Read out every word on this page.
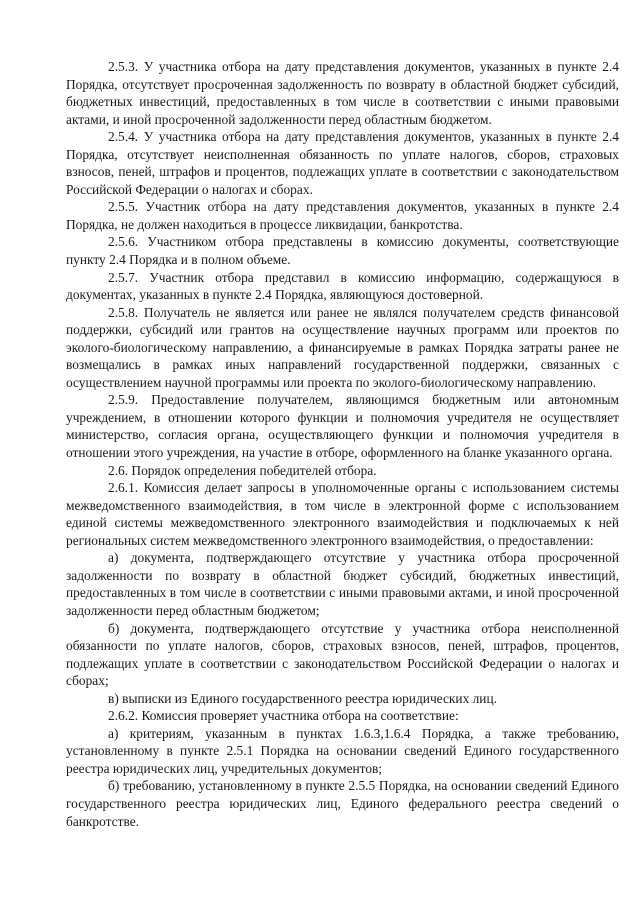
2.5.3. У участника отбора на дату представления документов, указанных в пункте 2.4 Порядка, отсутствует просроченная задолженность по возврату в областной бюджет субсидий, бюджетных инвестиций, предоставленных в том числе в соответствии с иными правовыми актами, и иной просроченной задолженности перед областным бюджетом.

2.5.4. У участника отбора на дату представления документов, указанных в пункте 2.4 Порядка, отсутствует неисполненная обязанность по уплате налогов, сборов, страховых взносов, пеней, штрафов и процентов, подлежащих уплате в соответствии с законодательством Российской Федерации о налогах и сборах.

2.5.5. Участник отбора на дату представления документов, указанных в пункте 2.4 Порядка, не должен находиться в процессе ликвидации, банкротства.

2.5.6. Участником отбора представлены в комиссию документы, соответствующие пункту 2.4 Порядка и в полном объеме.

2.5.7. Участник отбора представил в комиссию информацию, содержащуюся в документах, указанных в пункте 2.4 Порядка, являющуюся достоверной.

2.5.8. Получатель не является или ранее не являлся получателем средств финансовой поддержки, субсидий или грантов на осуществление научных программ или проектов по эколого-биологическому направлению, а финансируемые в рамках Порядка затраты ранее не возмещались в рамках иных направлений государственной поддержки, связанных с осуществлением научной программы или проекта по эколого-биологическому направлению.

2.5.9. Предоставление получателем, являющимся бюджетным или автономным учреждением, в отношении которого функции и полномочия учредителя не осуществляет министерство, согласия органа, осуществляющего функции и полномочия учредителя в отношении этого учреждения, на участие в отборе, оформленного на бланке указанного органа.

2.6. Порядок определения победителей отбора.

2.6.1. Комиссия делает запросы в уполномоченные органы с использованием системы межведомственного взаимодействия, в том числе в электронной форме с использованием единой системы межведомственного электронного взаимодействия и подключаемых к ней региональных систем межведомственного электронного взаимодействия, о предоставлении:

а) документа, подтверждающего отсутствие у участника отбора просроченной задолженности по возврату в областной бюджет субсидий, бюджетных инвестиций, предоставленных в том числе в соответствии с иными правовыми актами, и иной просроченной задолженности перед областным бюджетом;

б) документа, подтверждающего отсутствие у участника отбора неисполненной обязанности по уплате налогов, сборов, страховых взносов, пеней, штрафов, процентов, подлежащих уплате в соответствии с законодательством Российской Федерации о налогах и сборах;

в) выписки из Единого государственного реестра юридических лиц.

2.6.2. Комиссия проверяет участника отбора на соответствие:

а) критериям, указанным в пунктах 1.6.3,1.6.4 Порядка, а также требованию, установленному в пункте 2.5.1 Порядка на основании сведений Единого государственного реестра юридических лиц, учредительных документов;

б) требованию, установленному в пункте 2.5.5 Порядка, на основании сведений Единого государственного реестра юридических лиц, Единого федерального реестра сведений о банкротстве.
